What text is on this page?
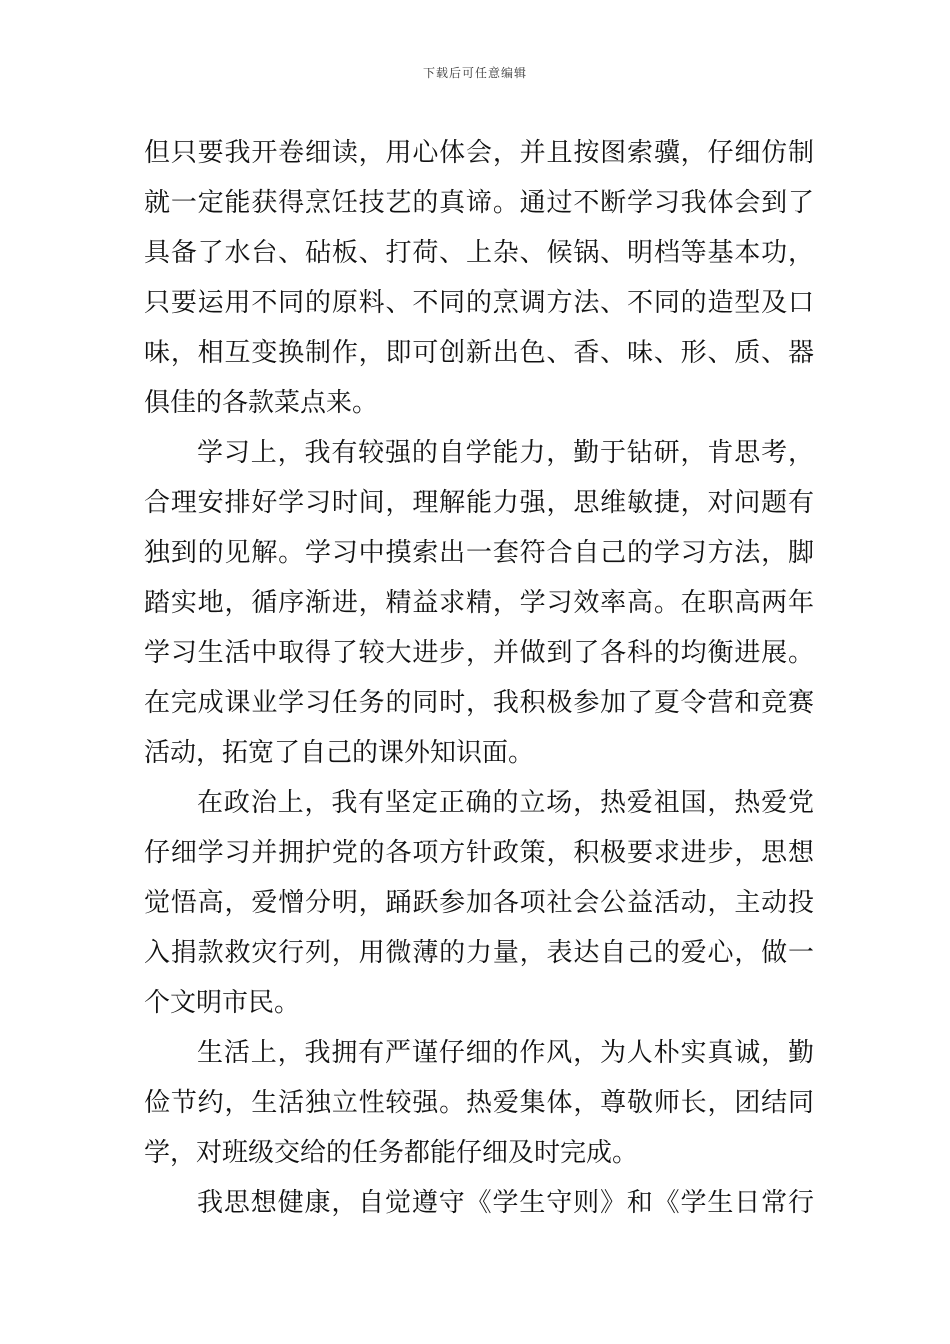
下载后可任意编辑
但只要我开卷细读，用心体会，并且按图索骥，仔细仿制
就一定能获得烹饪技艺的真谛。通过不断学习我体会到了
具备了水台、砧板、打荷、上杂、候锅、明档等基本功，
只要运用不同的原料、不同的烹调方法、不同的造型及口
味，相互变换制作，即可创新出色、香、味、形、质、器
俱佳的各款菜点来。
学习上，我有较强的自学能力，勤于钻研，肯思考，
合理安排好学习时间，理解能力强，思维敏捷，对问题有
独到的见解。学习中摸索出一套符合自己的学习方法，脚
踏实地，循序渐进，精益求精，学习效率高。在职高两年
学习生活中取得了较大进步，并做到了各科的均衡进展。
在完成课业学习任务的同时，我积极参加了夏令营和竞赛
活动，拓宽了自己的课外知识面。
在政治上，我有坚定正确的立场，热爱祖国，热爱党
仔细学习并拥护党的各项方针政策，积极要求进步，思想
觉悟高，爱憎分明，踊跃参加各项社会公益活动，主动投
入捐款救灾行列，用微薄的力量，表达自己的爱心，做一
个文明市民。
生活上，我拥有严谨仔细的作风，为人朴实真诚，勤
俭节约，生活独立性较强。热爱集体，尊敬师长，团结同
学，对班级交给的任务都能仔细及时完成。
我思想健康，自觉遵守《学生守则》和《学生日常行
